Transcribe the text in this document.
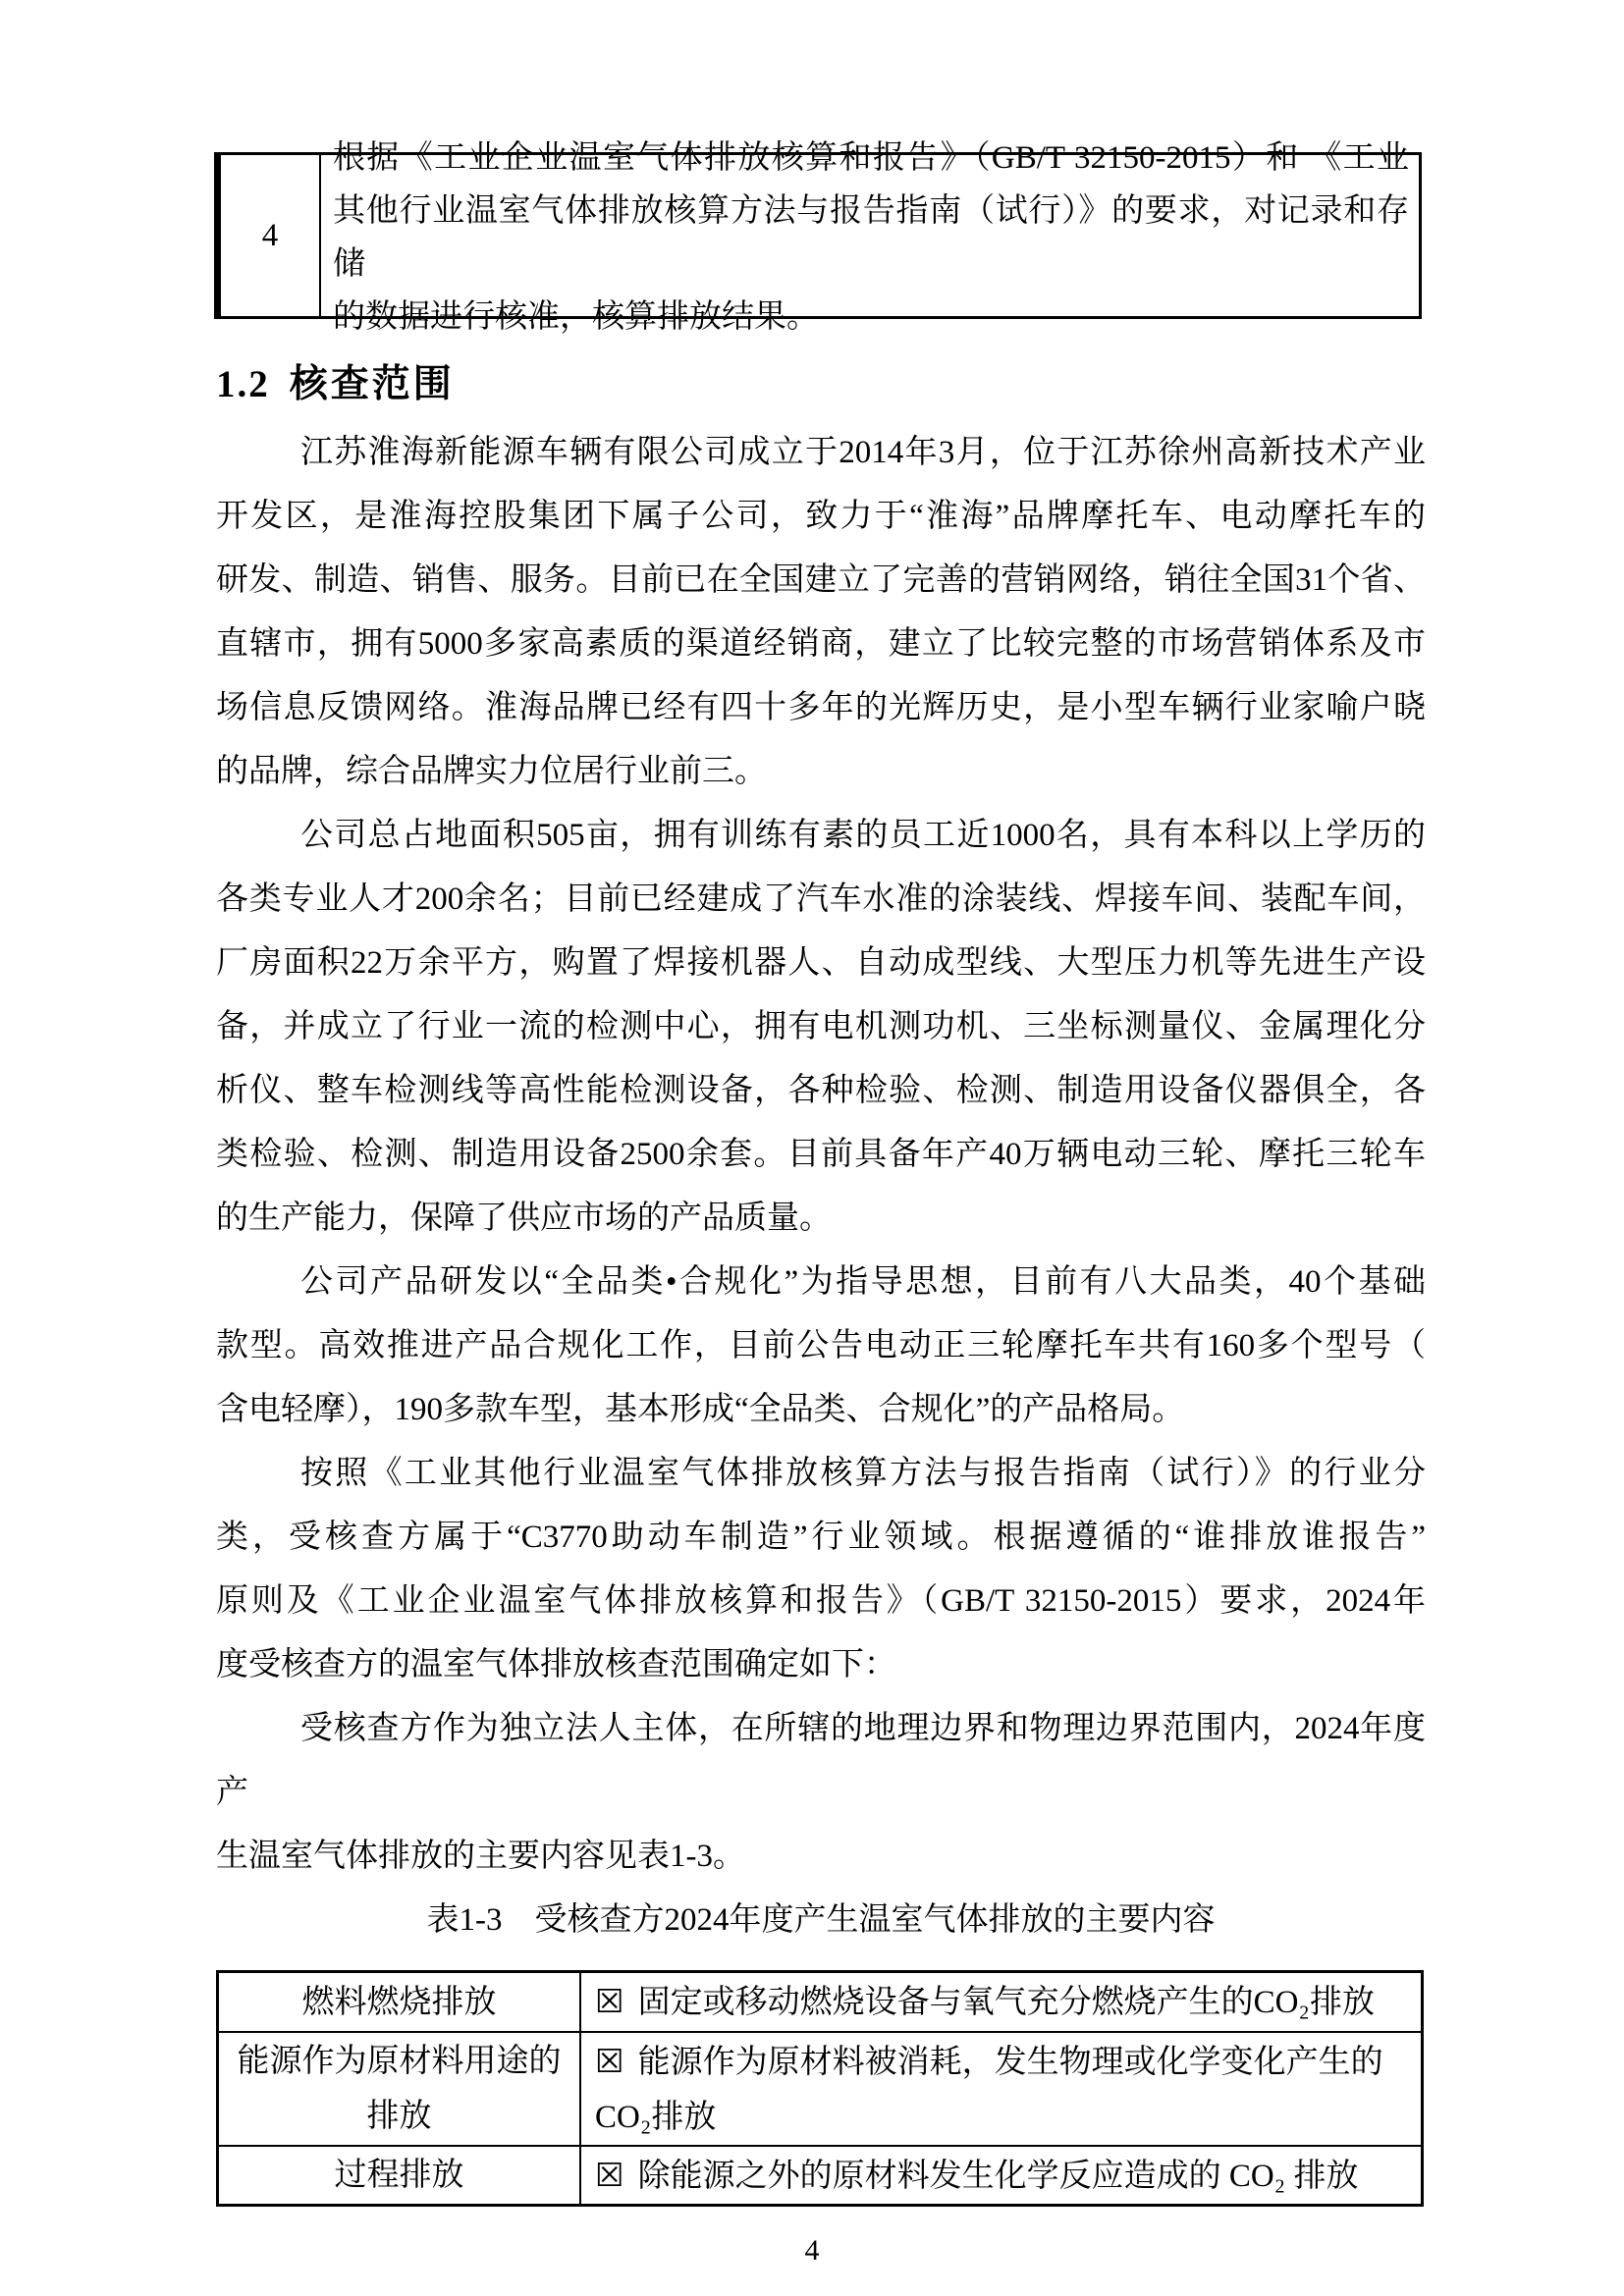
4
根据《工业企业温室气体排放核算和报告》（GB/T 32150-2015）和 《工业
其他行业温室气体排放核算方法与报告指南（试行）》的要求，对记录和存储
的数据进行核准，核算排放结果。
1.2 核查范围
江苏淮海新能源车辆有限公司成立于2014年3月，位于江苏徐州高新技术产业
开发区，是淮海控股集团下属子公司，致力于“淮海”品牌摩托车、电动摩托车的
研发、制造、销售、服务。目前已在全国建立了完善的营销网络，销往全国31个省、
直辖市，拥有5000多家高素质的渠道经销商，建立了比较完整的市场营销体系及市
场信息反馈网络。淮海品牌已经有四十多年的光辉历史，是小型车辆行业家喻户晓
的品牌，综合品牌实力位居行业前三。
公司总占地面积505亩，拥有训练有素的员工近1000名，具有本科以上学历的
各类专业人才200余名；目前已经建成了汽车水准的涂装线、焊接车间、装配车间，
厂房面积22万余平方，购置了焊接机器人、自动成型线、大型压力机等先进生产设
备，并成立了行业一流的检测中心，拥有电机测功机、三坐标测量仪、金属理化分
析仪、整车检测线等高性能检测设备，各种检验、检测、制造用设备仪器俱全，各
类检验、检测、制造用设备2500余套。目前具备年产40万辆电动三轮、摩托三轮车
的生产能力，保障了供应市场的产品质量。
公司产品研发以“全品类•合规化”为指导思想，目前有八大品类，40个基础
款型。高效推进产品合规化工作，目前公告电动正三轮摩托车共有160多个型号（
含电轻摩），190多款车型，基本形成“全品类、合规化”的产品格局。
按照《工业其他行业温室气体排放核算方法与报告指南（试行）》的行业分
类，受核查方属于“C3770助动车制造”行业领域。根据遵循的“谁排放谁报告”
原则及《工业企业温室气体排放核算和报告》（GB/T 32150-2015）要求，2024年
度受核查方的温室气体排放核查范围确定如下：
受核查方作为独立法人主体，在所辖的地理边界和物理边界范围内，2024年度产
生温室气体排放的主要内容见表1-3。
表1-3　受核查方2024年度产生温室气体排放的主要内容
燃料燃烧排放	☒ 固定或移动燃烧设备与氧气充分燃烧产生的CO₂排放
能源作为原材料用途的排放
☒ 能源作为原材料被消耗，发生物理或化学变化产生的CO₂排放
过程排放	☒ 除能源之外的原材料发生化学反应造成的 CO₂ 排放
4
